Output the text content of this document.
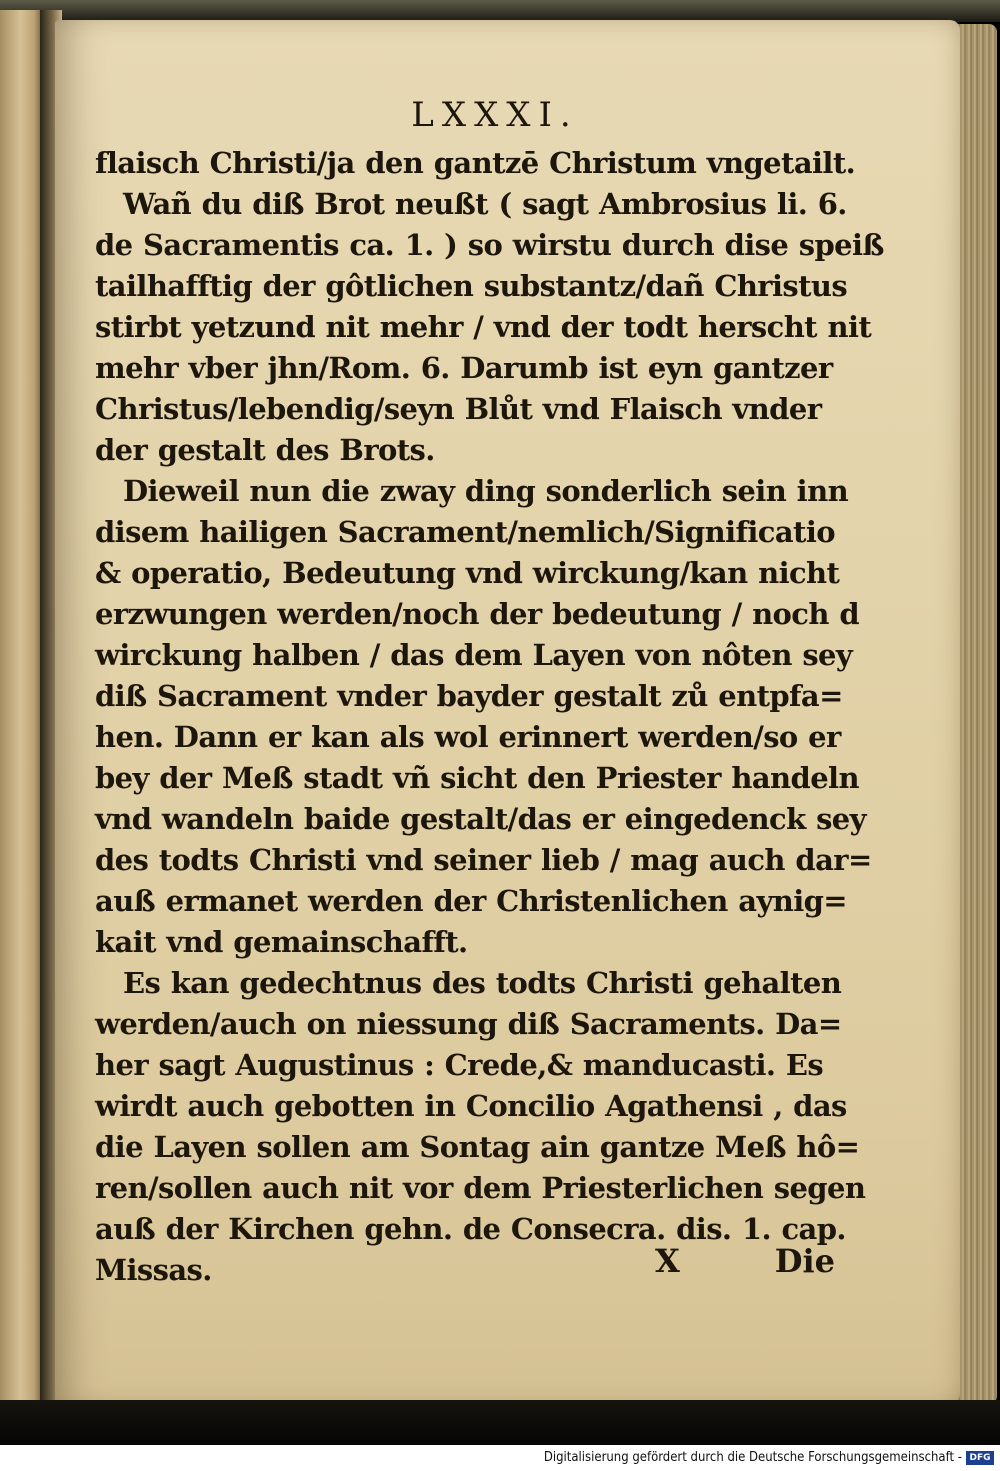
LXXXI.
flaisch Christi/ja den gantzē Christum vngetailt.
Wañ du diß Brot neußt ( sagt Ambrosius li. 6.
de Sacramentis ca. 1. ) so wirstu durch dise speiß
tailhafftig der gôtlichen substantz/dañ Christus
stirbt yetzund nit mehr / vnd der todt herscht nit
mehr vber jhn/Rom. 6. Darumb ist eyn gantzer
Christus/lebendig/seyn Blůt vnd Flaisch vnder
der gestalt des Brots.
Dieweil nun die zway ding sonderlich sein inn
disem hailigen Sacrament/nemlich/Significatio
& operatio, Bedeutung vnd wirckung/kan nicht
erzwungen werden/noch der bedeutung / noch d
wirckung halben / das dem Layen von nôten sey
diß Sacrament vnder bayder gestalt zů entpfa=
hen. Dann er kan als wol erinnert werden/so er
bey der Meß stadt vñ sicht den Priester handeln
vnd wandeln baide gestalt/das er eingedenck sey
des todts Christi vnd seiner lieb / mag auch dar=
auß ermanet werden der Christenlichen aynig=
kait vnd gemainschafft.
Es kan gedechtnus des todts Christi gehalten
werden/auch on niessung diß Sacraments. Da=
her sagt Augustinus : Crede,& manducasti. Es
wirdt auch gebotten in Concilio Agathensi , das
die Layen sollen am Sontag ain gantze Meß hô=
ren/sollen auch nit vor dem Priesterlichen segen
auß der Kirchen gehn. de Consecra. dis. 1. cap.
Missas.	X	Die
Digitalisierung gefördert durch die Deutsche Forschungsgemeinschaft - DFG
